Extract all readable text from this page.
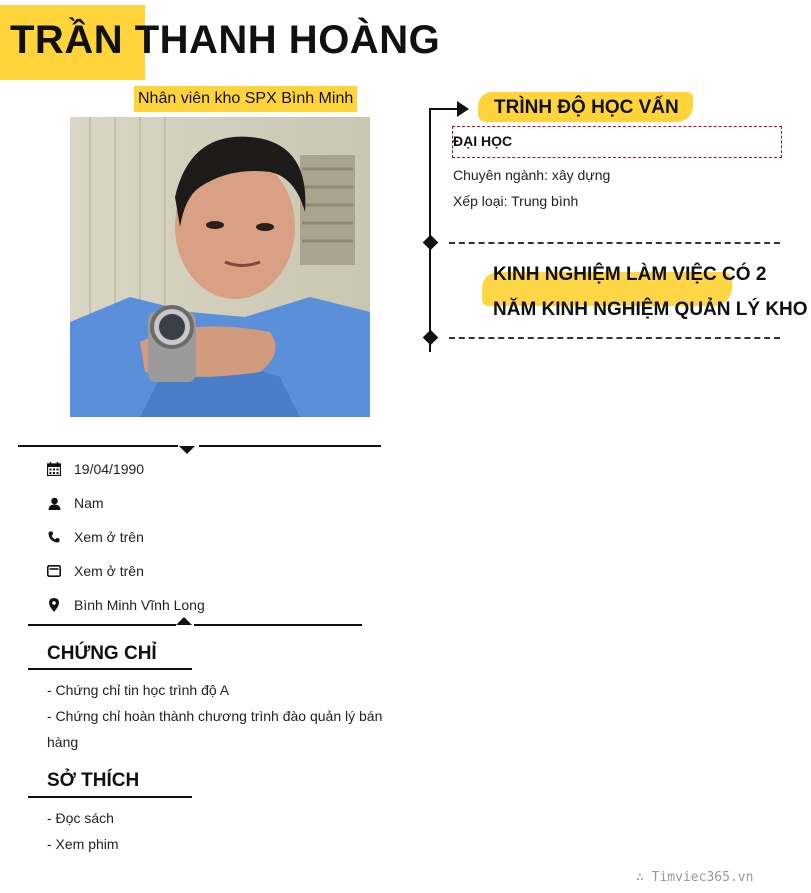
TRẦN THANH HOÀNG
Nhân viên kho SPX Bình Minh
19/04/1990
Nam
Xem ở trên
Xem ở trên
Bình Minh Vĩnh Long
CHỨNG CHỈ
- Chứng chỉ tin học trình độ A
- Chứng chỉ hoàn thành chương trình đào quản lý bán hàng
SỞ THÍCH
- Đọc sách
- Xem phim
TRÌNH ĐỘ HỌC VẤN
ĐẠI HỌC
Chuyên ngành: xây dựng
Xếp loại: Trung bình
KINH NGHIỆM LÀM VIỆC CÓ 2
NĂM KINH NGHIỆM QUẢN LÝ KHO
∴ Timviec365.vn
